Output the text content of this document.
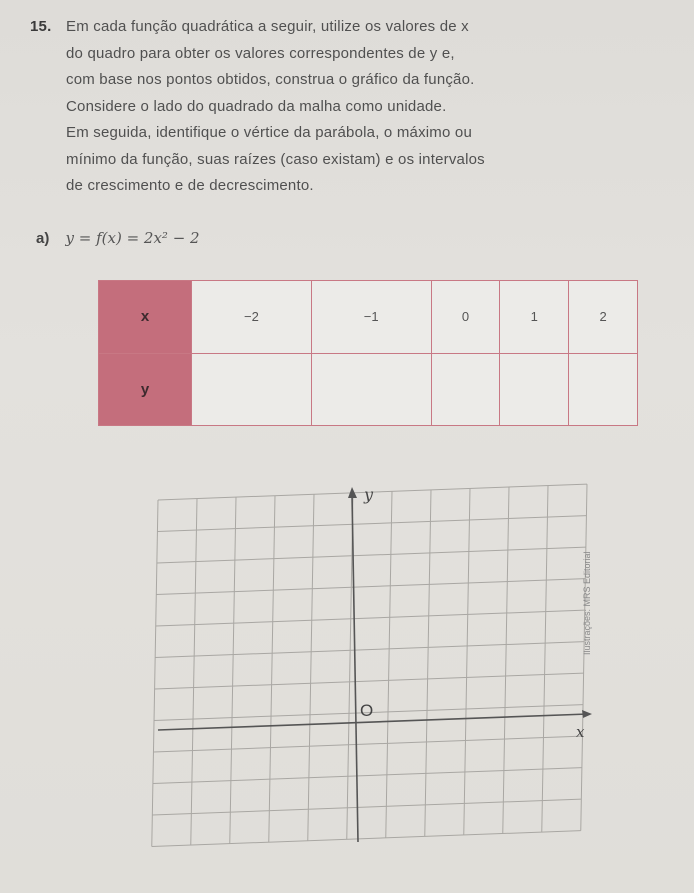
15. Em cada função quadrática a seguir, utilize os valores de x
do quadro para obter os valores correspondentes de y e,
com base nos pontos obtidos, construa o gráfico da função.
Considere o lado do quadrado da malha como unidade.
Em seguida, identifique o vértice da parábola, o máximo ou
mínimo da função, suas raízes (caso existam) e os intervalos
de crescimento e de decrescimento.
a) y = f(x) = 2x² − 2
x	−2	−1	0	1	2
y					
y
x
O
Ilustrações: MRS Editorial
